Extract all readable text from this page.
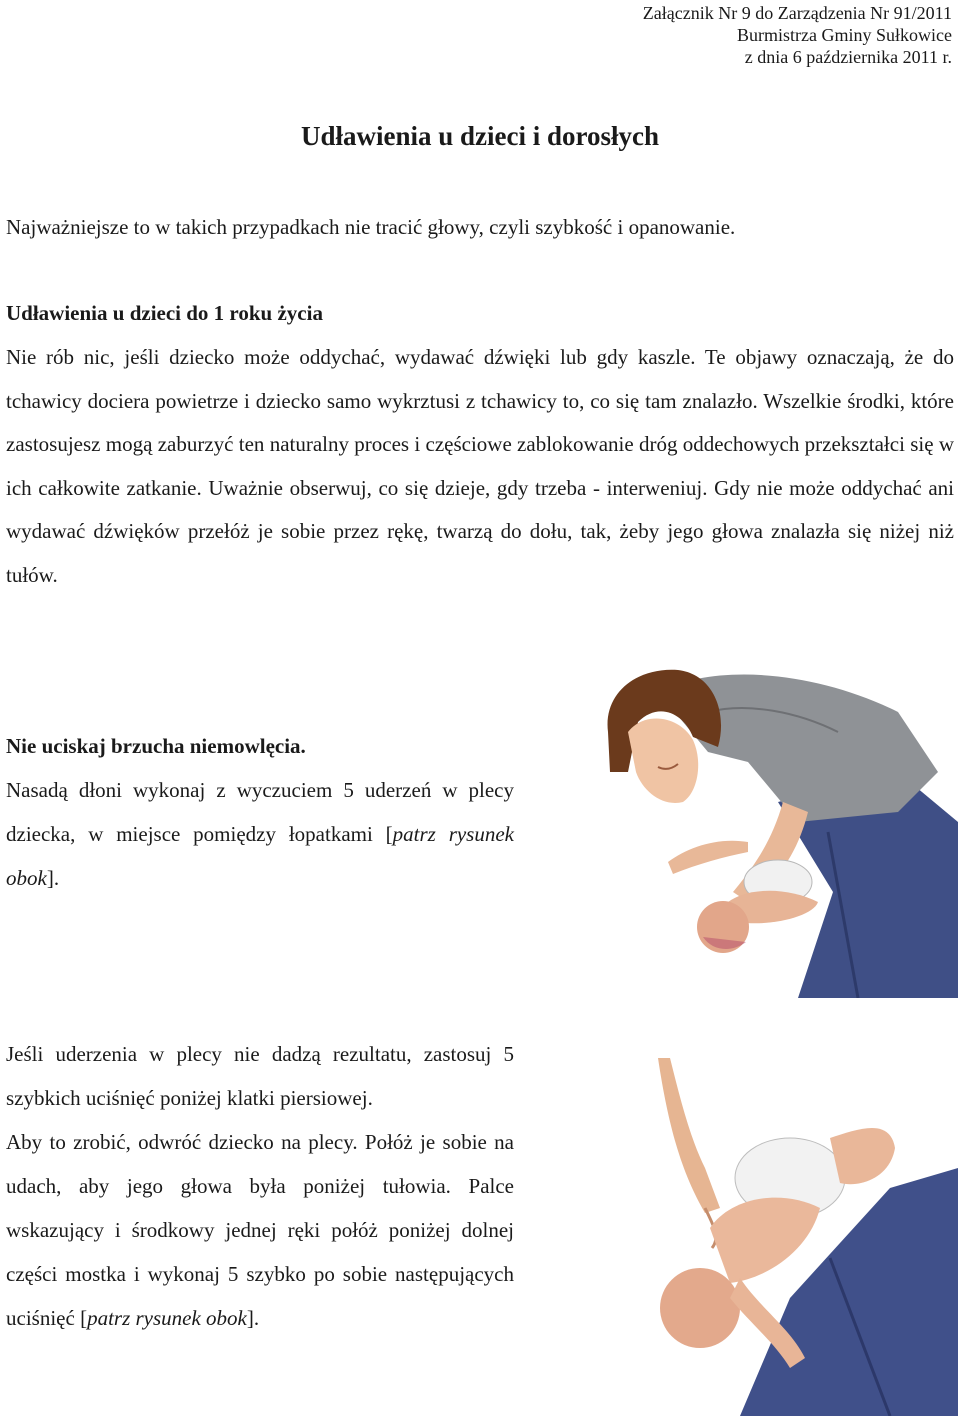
Załącznik Nr 9 do Zarządzenia Nr 91/2011
Burmistrza Gminy Sułkowice
z dnia 6 października 2011 r.
Udławienia u dzieci i dorosłych

Najważniejsze to w takich przypadkach nie tracić głowy, czyli szybkość i opanowanie.

Udławienia u dzieci do 1 roku życia

Nie rób nic, jeśli dziecko może oddychać, wydawać dźwięki lub gdy kaszle. Te objawy oznaczają, że do tchawicy dociera powietrze i dziecko samo wykrztusi z tchawicy to, co się tam znalazło. Wszelkie środki, które zastosujesz mogą zaburzyć ten naturalny proces i częściowe zablokowanie dróg oddechowych przekształci się w ich całkowite zatkanie. Uważnie obserwuj, co się dzieje, gdy trzeba - interweniuj. Gdy nie może oddychać ani wydawać dźwięków przełóż je sobie przez rękę, twarzą do dołu, tak, żeby jego głowa znalazła się niżej niż tułów.

Nie uciskaj brzucha niemowlęcia.
Nasadą dłoni wykonaj z wyczuciem 5 uderzeń w plecy dziecka, w miejsce pomiędzy łopatkami [patrz rysunek obok].
Jeśli uderzenia w plecy nie dadzą rezultatu, zastosuj 5 szybkich uciśnięć poniżej klatki piersiowej.
Aby to zrobić, odwróć dziecko na plecy. Połóż je sobie na udach, aby jego głowa była poniżej tułowia. Palce wskazujący i środkowy jednej ręki połóż poniżej dolnej części mostka i wykonaj 5 szybko po sobie następujących uciśnięć [patrz rysunek obok].
